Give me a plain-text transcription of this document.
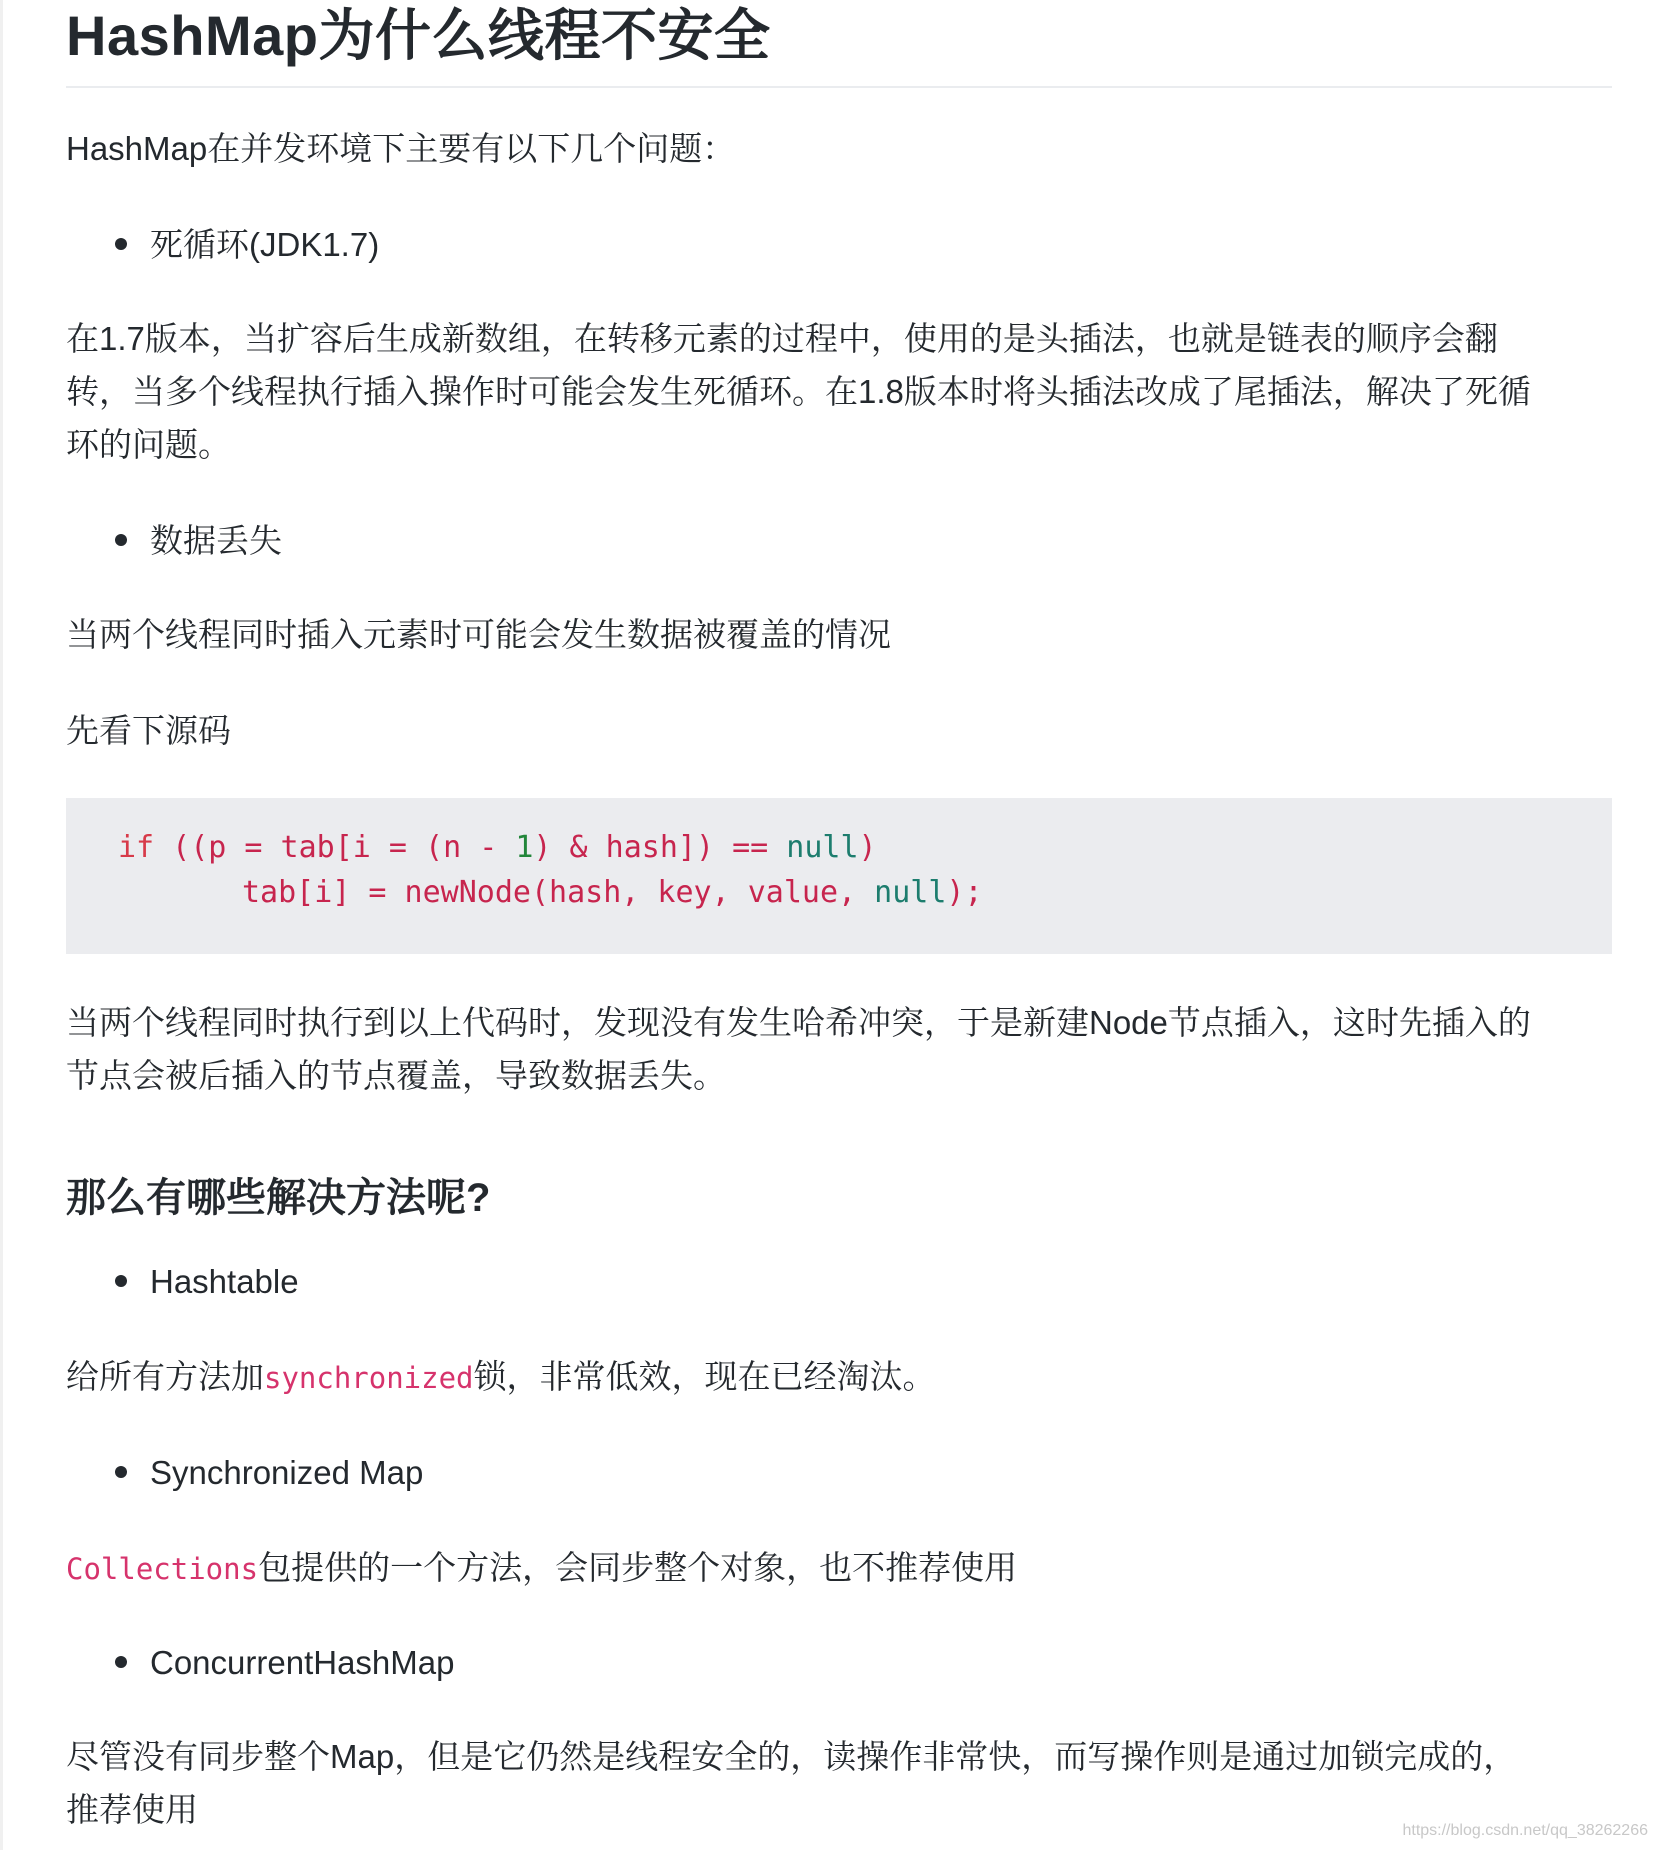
HashMap为什么线程不安全

HashMap在并发环境下主要有以下几个问题：

死循环(JDK1.7)

在1.7版本，当扩容后生成新数组，在转移元素的过程中，使用的是头插法，也就是链表的顺序会翻
转，当多个线程执行插入操作时可能会发生死循环。在1.8版本时将头插法改成了尾插法，解决了死循
环的问题。

数据丢失

当两个线程同时插入元素时可能会发生数据被覆盖的情况

先看下源码

if ((p = tab[i = (n - 1) & hash]) == null)
tab[i] = newNode(hash, key, value, null);

当两个线程同时执行到以上代码时，发现没有发生哈希冲突，于是新建Node节点插入，这时先插入的
节点会被后插入的节点覆盖，导致数据丢失。

那么有哪些解决方法呢?
Hashtable

给所有方法加synchronized锁，非常低效，现在已经淘汰。

Synchronized Map

Collections包提供的一个方法，会同步整个对象，也不推荐使用

ConcurrentHashMap

尽管没有同步整个Map，但是它仍然是线程安全的，读操作非常快，而写操作则是通过加锁完成的，
推荐使用

https://blog.csdn.net/qq_38262266
